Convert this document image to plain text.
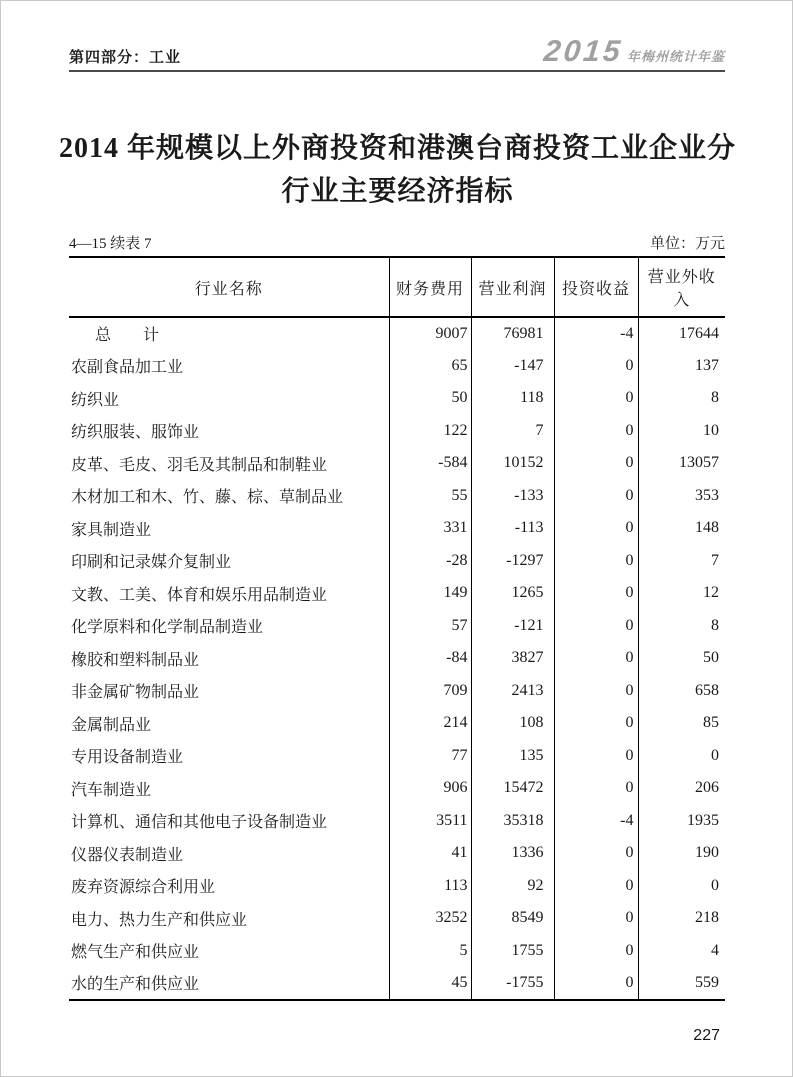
第四部分：工业	2015 年梅州统计年鉴
2014 年规模以上外商投资和港澳台商投资工业企业分
行业主要经济指标
4—15 续表 7	单位：万元
行业名称	财务费用	营业利润	投资收益	营业外收入
总　　计	9007	76981	-4	17644
农副食品加工业	65	-147	0	137
纺织业	50	118	0	8
纺织服装、服饰业	122	7	0	10
皮革、毛皮、羽毛及其制品和制鞋业	-584	10152	0	13057
木材加工和木、竹、藤、棕、草制品业	55	-133	0	353
家具制造业	331	-113	0	148
印刷和记录媒介复制业	-28	-1297	0	7
文教、工美、体育和娱乐用品制造业	149	1265	0	12
化学原料和化学制品制造业	57	-121	0	8
橡胶和塑料制品业	-84	3827	0	50
非金属矿物制品业	709	2413	0	658
金属制品业	214	108	0	85
专用设备制造业	77	135	0	0
汽车制造业	906	15472	0	206
计算机、通信和其他电子设备制造业	3511	35318	-4	1935
仪器仪表制造业	41	1336	0	190
废弃资源综合利用业	113	92	0	0
电力、热力生产和供应业	3252	8549	0	218
燃气生产和供应业	5	1755	0	4
水的生产和供应业	45	-1755	0	559
227
